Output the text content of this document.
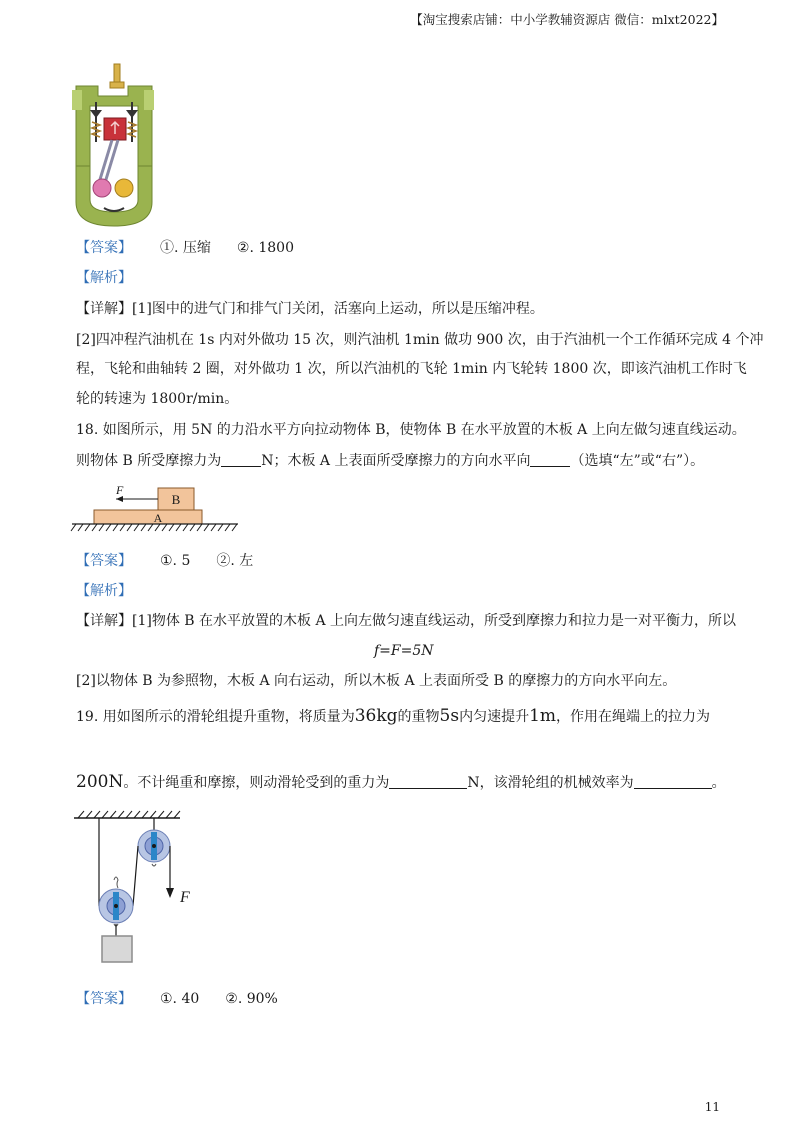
【淘宝搜索店铺：中小学教辅资源店 微信：mlxt2022】
【答案】 ①. 压缩 ②. 1800
【解析】
【详解】[1]图中的进气门和排气门关闭，活塞向上运动，所以是压缩冲程。
[2]四冲程汽油机在 1s 内对外做功 15 次，则汽油机 1min 做功 900 次，由于汽油机一个工作循环完成 4 个冲
程，飞轮和曲轴转 2 圈，对外做功 1 次，所以汽油机的飞轮 1min 内飞轮转 1800 次，即该汽油机工作时飞
轮的转速为 1800r/min。
18. 如图所示，用 5N 的力沿水平方向拉动物体 B，使物体 B 在水平放置的木板 A 上向左做匀速直线运动。
则物体 B 所受摩擦力为	N；木板 A 上表面所受摩擦力的方向水平向	（选填“左”或“右”）。
B
A
F
【答案】 ①. 5 ②. 左
【解析】
【详解】[1]物体 B 在水平放置的木板 A 上向左做匀速直线运动，所受到摩擦力和拉力是一对平衡力，所以
f=F=5N
[2]以物体 B 为参照物，木板 A 向右运动，所以木板 A 上表面所受 B 的摩擦力的方向水平向左。
19. 用如图所示的滑轮组提升重物，将质量为36kg的重物5s内匀速提升1m，作用在绳端上的拉力为
200N。不计绳重和摩擦，则动滑轮受到的重力为	N，该滑轮组的机械效率为	。
F
【答案】 ①. 40 ②. 90%
11
